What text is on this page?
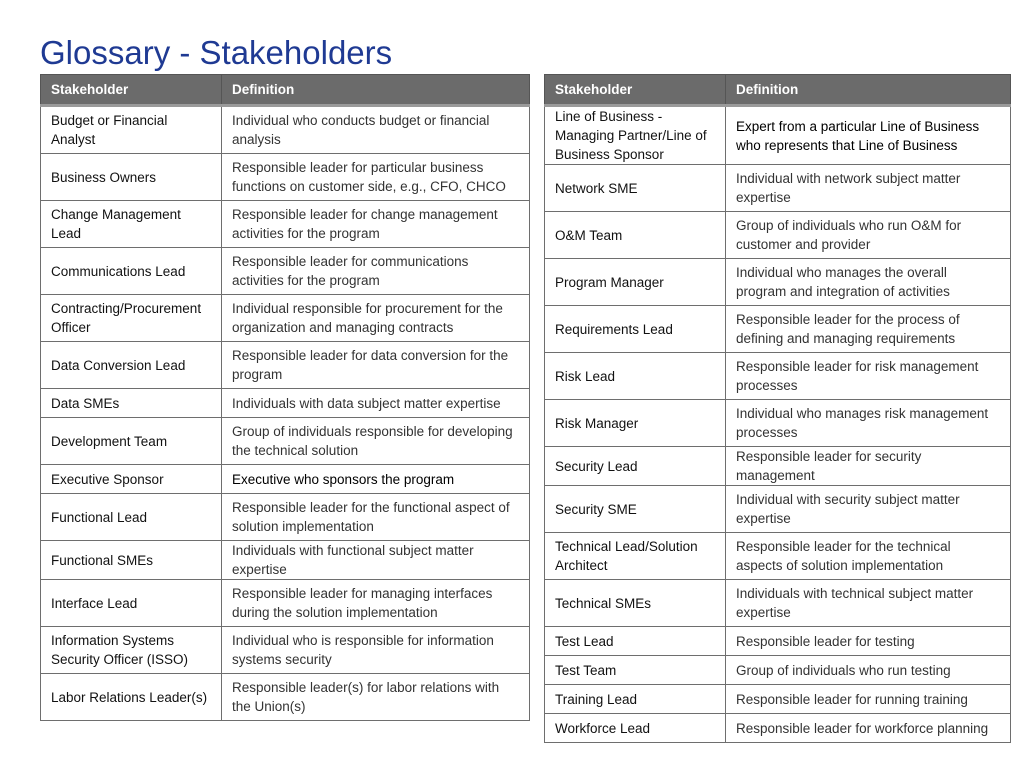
Glossary - Stakeholders
Stakeholder	Definition
Budget or Financial Analyst	Individual who conducts budget or financial analysis
Business Owners	Responsible leader for particular business functions on customer side, e.g., CFO, CHCO
Change Management Lead	Responsible leader for change management activities for the program
Communications Lead	Responsible leader for communications activities for the program
Contracting/Procurement Officer	Individual responsible for procurement for the organization and managing contracts
Data Conversion Lead	Responsible leader for data conversion for the program
Data SMEs	Individuals with data subject matter expertise
Development Team	Group of individuals responsible for developing the technical solution
Executive Sponsor	Executive who sponsors the program
Functional Lead	Responsible leader for the functional aspect of solution implementation
Functional SMEs	Individuals with functional subject matter expertise
Interface Lead	Responsible leader for managing interfaces during the solution implementation
Information Systems Security Officer (ISSO)	Individual who is responsible for information systems security
Labor Relations Leader(s)	Responsible leader(s) for labor relations with the Union(s)
Stakeholder	Definition
Line of Business - Managing Partner/Line of Business Sponsor	Expert from a particular Line of Business who represents that Line of Business
Network SME	Individual with network subject matter expertise
O&M Team	Group of individuals who run O&M for customer and provider
Program Manager	Individual who manages the overall program and integration of activities
Requirements Lead	Responsible leader for the process of defining and managing requirements
Risk Lead	Responsible leader for risk management processes
Risk Manager	Individual who manages risk management processes
Security Lead	Responsible leader for security management
Security SME	Individual with security subject matter expertise
Technical Lead/Solution Architect	Responsible leader for the technical aspects of solution implementation
Technical SMEs	Individuals with technical subject matter expertise
Test Lead	Responsible leader for testing
Test Team	Group of individuals who run testing
Training Lead	Responsible leader for running training
Workforce Lead	Responsible leader for workforce planning
